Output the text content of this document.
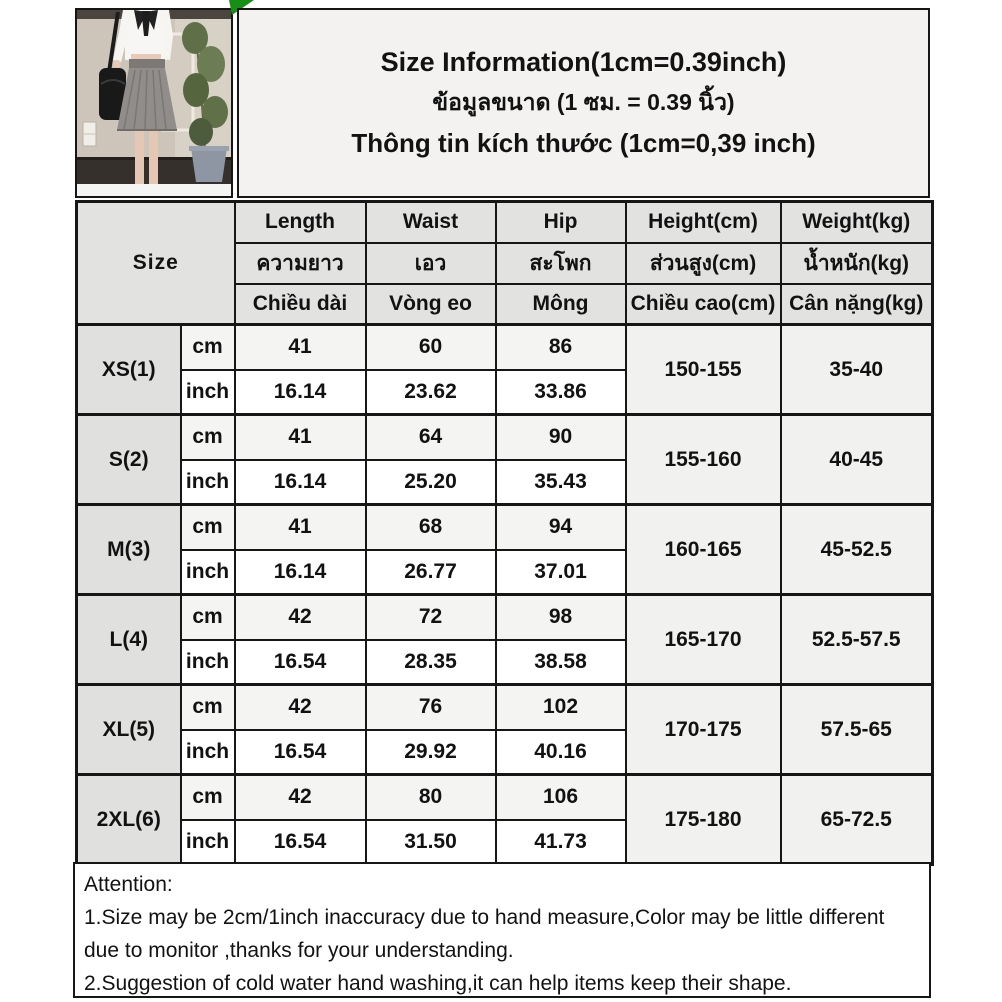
Size Information(1cm=0.39inch)
ข้อมูลขนาด (1 ซม. = 0.39 นิ้ว)
Thông tin kích thước (1cm=0,39 inch)
Size		Length	Waist	Hip	Height(cm)	Weight(kg)
		ความยาว	เอว	สะโพก	ส่วนสูง(cm)	น้ำหนัก(kg)
		Chiều dài	Vòng eo	Mông	Chiều cao(cm)	Cân nặng(kg)
XS(1)	cm	41	60	86	150-155	35-40
	inch	16.14	23.62	33.86		
S(2)	cm	41	64	90	155-160	40-45
	inch	16.14	25.20	35.43		
M(3)	cm	41	68	94	160-165	45-52.5
	inch	16.14	26.77	37.01		
L(4)	cm	42	72	98	165-170	52.5-57.5
	inch	16.54	28.35	38.58		
XL(5)	cm	42	76	102	170-175	57.5-65
	inch	16.54	29.92	40.16		
2XL(6)	cm	42	80	106	175-180	65-72.5
	inch	16.54	31.50	41.73		
Attention:
1.Size may be 2cm/1inch inaccuracy due to hand measure,Color may be little different due to monitor ,thanks for your understanding.
2.Suggestion of cold water hand washing,it can help items keep their shape.
